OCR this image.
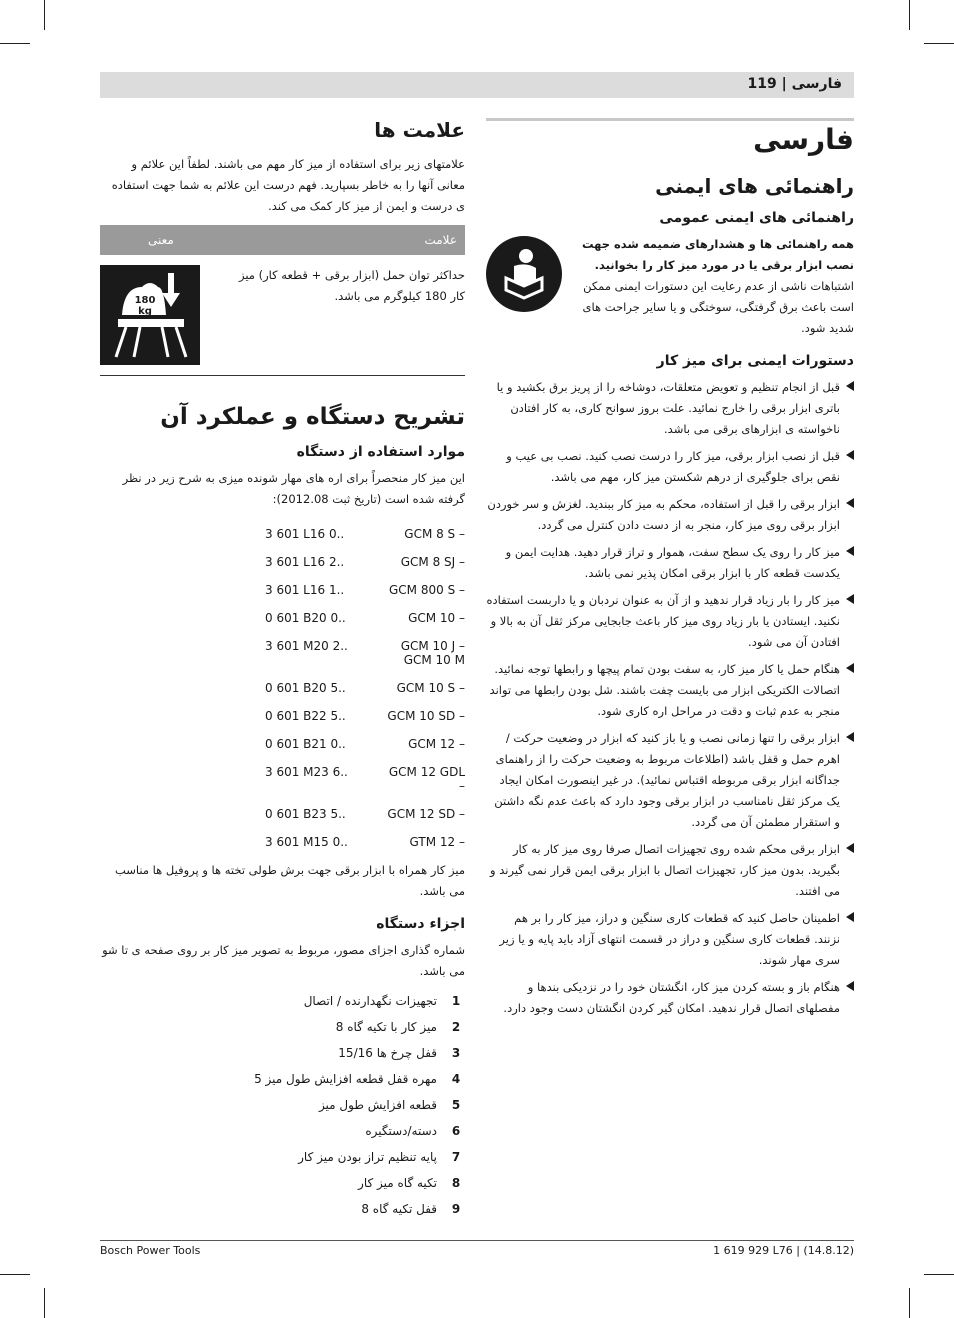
فارسی | 119
فارسی
راهنمائی های ایمنی
راهنمائی های ایمنی عمومی

همه راهنمائی ها و هشدارهای ضمیمه شده جهت نصب ابزار برقی یا در مورد میز کار را بخوانید.

اشتباهات ناشی از عدم رعایت این دستورات ایمنی ممکن است باعث برق گرفتگی، سوختگی و یا سایر جراحت های شدید شود.

دستورات ایمنی برای میز کار
قبل از انجام تنظیم و تعویض متعلقات، دوشاخه را از پریز برق بکشید و یا باتری ابزار برقی را خارج نمائید. علت بروز سوانح کاری، به کار افتادن ناخواسته ی ابزارهای برقی می باشد.
قبل از نصب ابزار برقی، میز کار را درست نصب کنید. نصب بی عیب و نقص برای جلوگیری از درهم شکستن میز کار، مهم می باشد.
ابزار برقی را قبل از استفاده، محکم به میز کار ببندید. لغزش و سر خوردن ابزار برقی روی میز کار، منجر به از دست دادن کنترل می گردد.
میز کار را روی یک سطح سفت، هموار و تراز قرار دهید. هدایت ایمن و یکدست قطعه کار با ابزار برقی امکان پذیر نمی باشد.
میز کار را بار زیاد قرار ندهید و از آن به عنوان نردبان و یا داربست استفاده نکنید. ایستادن یا بار زیاد روی میز کار باعث جابجایی مرکز ثقل آن به بالا و افتادن آن می شود.
هنگام حمل یا کار میز کار، به سفت بودن تمام پیچها و رابطها توجه نمائید. اتصالات الکتریکی ابزار می بایست چفت باشند. شل بودن رابطها می تواند منجر به عدم ثبات و دقت در مراحل اره کاری شود.
ابزار برقی را تنها زمانی نصب و یا باز کنید که ابزار در وضعیت حرکت / اهرم حمل و قفل باشد (اطلاعات مربوط به وضعیت حرکت را از راهنمای جداگانه ابزار برقی مربوطه اقتباس نمائید). در غیر اینصورت امکان ایجاد یک مرکز ثقل نامناسب در ابزار برقی وجود دارد که باعث عدم نگه داشتن و استقرار مطمئن آن می گردد.
ابزار برقی محکم شده روی تجهیزات اتصال صرفا روی میز کار به کار بگیرید. بدون میز کار، تجهیزات اتصال با ابزار برقی ایمن قرار نمی گیرند و می افتند.
اطمینان حاصل کنید که قطعات کاری سنگین و دراز، میز کار را بر هم نزنند. قطعات کاری سنگین و دراز در قسمت انتهای آزاد باید پایه و یا زیر سری مهار شوند.
هنگام باز و بسته کردن میز کار، انگشتان خود را در نزدیکی بندها و مفصلهای اتصال قرار ندهید. امکان گیر کردن انگشتان دست وجود دارد.
علامت ها

علامتهای زیر برای استفاده از میز کار مهم می باشند. لطفاً این علائم و معانی آنها را به خاطر بسپارید. فهم درست این علائم به شما جهت استفاده ی درست و ایمن از میز کار کمک می کند.

علامت
معنی
حداکثر توان حمل (ابزار برقی + قطعه کار) میز کار 180 کیلوگرم می باشد.
180 kg
تشریح دستگاه و عملکرد آن
موارد استفاده از دستگاه

این میز کار منحصراً برای اره های مهار شونده میزی به شرح زیر در نظر گرفته شده است (تاریخ ثبت 2012.08):

3 601 L16 0..	GCM 8 S –
3 601 L16 2..	GCM 8 SJ –
3 601 L16 1..	GCM 800 S –
0 601 B20 0..	GCM 10 –
3 601 M20 2..	GCM 10 J – GCM 10 M
0 601 B20 5..	GCM 10 S –
0 601 B22 5..	GCM 10 SD –
0 601 B21 0..	GCM 12 –
3 601 M23 6..	GCM 12 GDL –
0 601 B23 5..	GCM 12 SD –
3 601 M15 0..	GTM 12 –

میز کار همراه با ابزار برقی جهت برش طولی تخته ها و پروفیل ها مناسب می باشد.

اجزاء دستگاه

شماره گذاری اجزای مصور، مربوط به تصویر میز کار بر روی صفحه ی تا شو می باشد.

1
تجهیزات نگهدارنده / اتصال
2
میز کار با تکیه گاه 8
3
قفل چرخ ها 15/16
4
مهره قفل قطعه افزایش طول میز 5
5
قطعه افزایش طول میز
6
دسته/دستگیره
7
پایه تنظیم تراز بودن میز کار
8
تکیه گاه میز کار
9
قفل تکیه گاه 8
Bosch Power Tools	1 619 929 L76 | (14.8.12)
